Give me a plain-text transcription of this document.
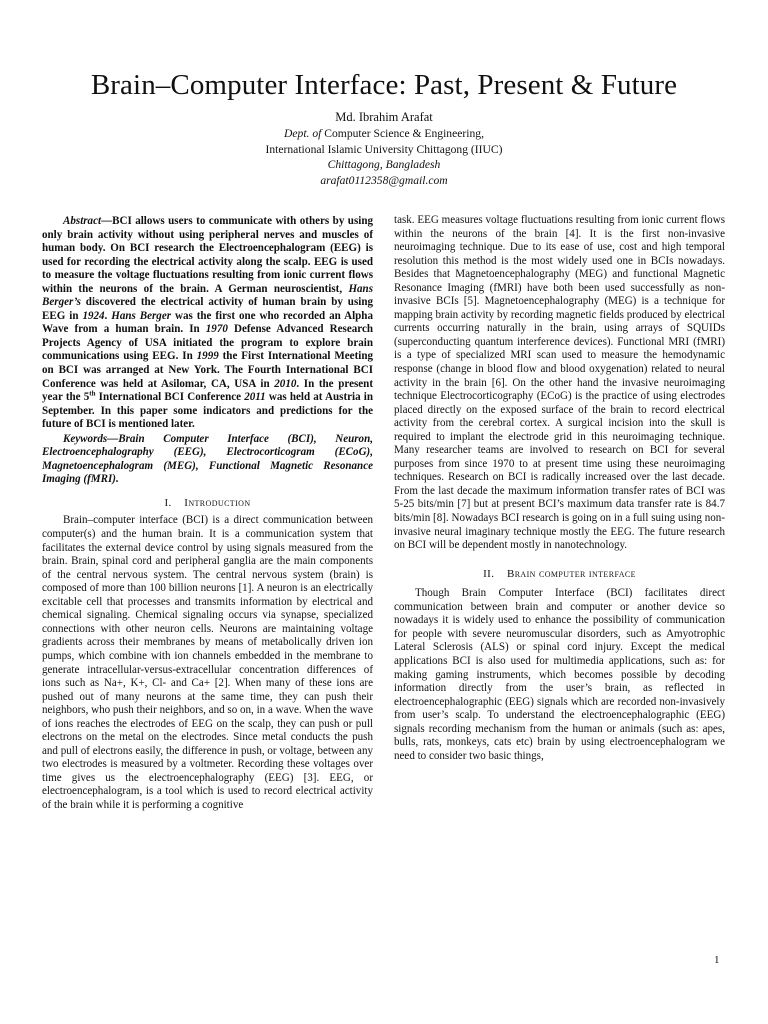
Brain–Computer Interface: Past, Present & Future
Md. Ibrahim Arafat
Dept. of Computer Science & Engineering,
International Islamic University Chittagong (IIUC)
Chittagong, Bangladesh
arafat0112358@gmail.com

Abstract—BCI allows users to communicate with others by using only brain activity without using peripheral nerves and muscles of human body. On BCI research the Electroencephalogram (EEG) is used for recording the electrical activity along the scalp. EEG is used to measure the voltage fluctuations resulting from ionic current flows within the neurons of the brain. A German neuroscientist, Hans Berger’s discovered the electrical activity of human brain by using EEG in 1924. Hans Berger was the first one who recorded an Alpha Wave from a human brain. In 1970 Defense Advanced Research Projects Agency of USA initiated the program to explore brain communications using EEG. In 1999 the First International Meeting on BCI was arranged at New York. The Fourth International BCI Conference was held at Asilomar, CA, USA in 2010. In the present year the 5th International BCI Conference 2011 was held at Austria in September. In this paper some indicators and predictions for the future of BCI is mentioned later.

Keywords—Brain Computer Interface (BCI), Neuron, Electroencephalography (EEG), Electrocorticogram (ECoG), Magnetoencephalogram (MEG), Functional Magnetic Resonance Imaging (fMRI).

I. Introduction

Brain–computer interface (BCI) is a direct communication between computer(s) and the human brain. It is a communication system that facilitates the external device control by using signals measured from the brain. Brain, spinal cord and peripheral ganglia are the main components of the central nervous system. The central nervous system (brain) is composed of more than 100 billion neurons [1]. A neuron is an electrically excitable cell that processes and transmits information by electrical and chemical signaling. Chemical signaling occurs via synapse, specialized connections with other neuron cells. Neurons are maintaining voltage gradients across their membranes by means of metabolically driven ion pumps, which combine with ion channels embedded in the membrane to generate intracellular-versus-extracellular concentration differences of ions such as Na+, K+, Cl- and Ca+ [2]. When many of these ions are pushed out of many neurons at the same time, they can push their neighbors, who push their neighbors, and so on, in a wave. When the wave of ions reaches the electrodes of EEG on the scalp, they can push or pull electrons on the metal on the electrodes. Since metal conducts the push and pull of electrons easily, the difference in push, or voltage, between any two electrodes is measured by a voltmeter. Recording these voltages over time gives us the electroencephalography (EEG) [3]. EEG, or electroencephalogram, is a tool which is used to record electrical activity of the brain while it is performing a cognitive

task. EEG measures voltage fluctuations resulting from ionic current flows within the neurons of the brain [4]. It is the first non-invasive neuroimaging technique. Due to its ease of use, cost and high temporal resolution this method is the most widely used one in BCIs nowadays. Besides that Magnetoencephalography (MEG) and functional Magnetic Resonance Imaging (fMRI) have both been used successfully as non-invasive BCIs [5]. Magnetoencephalography (MEG) is a technique for mapping brain activity by recording magnetic fields produced by electrical currents occurring naturally in the brain, using arrays of SQUIDs (superconducting quantum interference devices). Functional MRI (fMRI) is a type of specialized MRI scan used to measure the hemodynamic response (change in blood flow and blood oxygenation) related to neural activity in the brain [6]. On the other hand the invasive neuroimaging technique Electrocorticography (ECoG) is the practice of using electrodes placed directly on the exposed surface of the brain to record electrical activity from the cerebral cortex. A surgical incision into the skull is required to implant the electrode grid in this neuroimaging technique. Many researcher teams are involved to research on BCI for several purposes from since 1970 to at present time using these neuroimaging techniques. Research on BCI is radically increased over the last decade. From the last decade the maximum information transfer rates of BCI was 5-25 bits/min [7] but at present BCI’s maximum data transfer rate is 84.7 bits/min [8]. Nowadays BCI research is going on in a full suing using non-invasive neural imaginary technique mostly the EEG. The future research on BCI will be dependent mostly in nanotechnology.

II. Brain computer interface

Though Brain Computer Interface (BCI) facilitates direct communication between brain and computer or another device so nowadays it is widely used to enhance the possibility of communication for people with severe neuromuscular disorders, such as Amyotrophic Lateral Sclerosis (ALS) or spinal cord injury. Except the medical applications BCI is also used for multimedia applications, such as: for making gaming instruments, which becomes possible by decoding information directly from the user’s brain, as reflected in electroencephalographic (EEG) signals which are recorded non-invasively from user’s scalp. To understand the electroencephalographic (EEG) signals recording mechanism from the human or animals (such as: apes, bulls, rats, monkeys, cats etc) brain by using electroencephalogram we need to consider two basic things,

1
